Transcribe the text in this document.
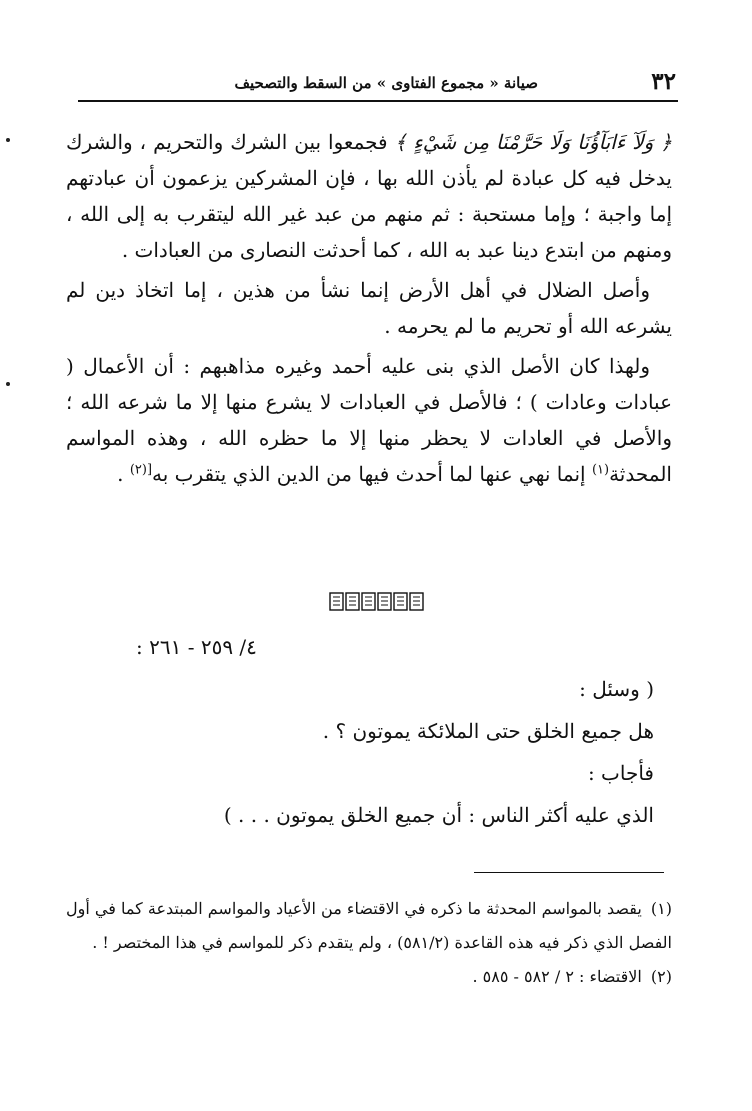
٣٢
صيانة « مجموع الفتاوى » من السقط والتصحيف

﴿ وَلَآ ءَابَآؤُنَا وَلَا حَرَّمْنَا مِن شَيْءٍ ﴾ فجمعوا بين الشرك والتحريم ، والشرك يدخل فيه كل عبادة لم يأذن الله بها ، فإن المشركين يزعمون أن عبادتهم إما واجبة ؛ وإما مستحبة : ثم منهم من عبد غير الله ليتقرب به إلى الله ، ومنهم من ابتدع دينا عبد به الله ، كما أحدثت النصارى من العبادات .

وأصل الضلال في أهل الأرض إنما نشأ من هذين ، إما اتخاذ دين لم يشرعه الله أو تحريم ما لم يحرمه .

ولهذا كان الأصل الذي بنى عليه أحمد وغيره مذاهبهم : أن الأعمال ( عبادات وعادات ) ؛ فالأصل في العبادات لا يشرع منها إلا ما شرعه الله ؛ والأصل في العادات لا يحظر منها إلا ما حظره الله ، وهذه المواسم المحدثة$^{(١)}$ إنما نهي عنها لما أحدث فيها من الدين الذي يتقرب به$^{[(٢)}$ .

٤/ ٢٥٩ - ٢٦١ :
( وسئل :
هل جميع الخلق حتى الملائكة يموتون ؟ .
فأجاب :
الذي عليه أكثر الناس : أن جميع الخلق يموتون . . . )

(١) يقصد بالمواسم المحدثة ما ذكره في الاقتضاء من الأعياد والمواسم المبتدعة كما في أول الفصل الذي ذكر فيه هذه القاعدة (٥٨١/٢) ، ولم يتقدم ذكر للمواسم في هذا المختصر ! .

(٢) الاقتضاء : ٢ / ٥٨٢ - ٥٨٥ .
